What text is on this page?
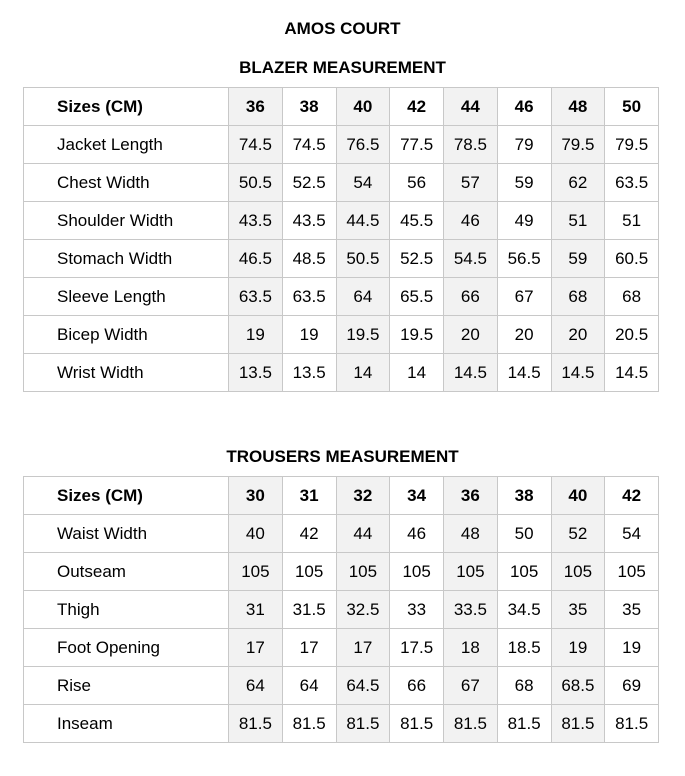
AMOS COURT
BLAZER MEASUREMENT
Sizes (CM)	36	38	40	42	44	46	48	50
Jacket Length	74.5	74.5	76.5	77.5	78.5	79	79.5	79.5
Chest Width	50.5	52.5	54	56	57	59	62	63.5
Shoulder Width	43.5	43.5	44.5	45.5	46	49	51	51
Stomach Width	46.5	48.5	50.5	52.5	54.5	56.5	59	60.5
Sleeve Length	63.5	63.5	64	65.5	66	67	68	68
Bicep Width	19	19	19.5	19.5	20	20	20	20.5
Wrist Width	13.5	13.5	14	14	14.5	14.5	14.5	14.5
TROUSERS MEASUREMENT
Sizes (CM)	30	31	32	34	36	38	40	42
Waist Width	40	42	44	46	48	50	52	54
Outseam	105	105	105	105	105	105	105	105
Thigh	31	31.5	32.5	33	33.5	34.5	35	35
Foot Opening	17	17	17	17.5	18	18.5	19	19
Rise	64	64	64.5	66	67	68	68.5	69
Inseam	81.5	81.5	81.5	81.5	81.5	81.5	81.5	81.5
